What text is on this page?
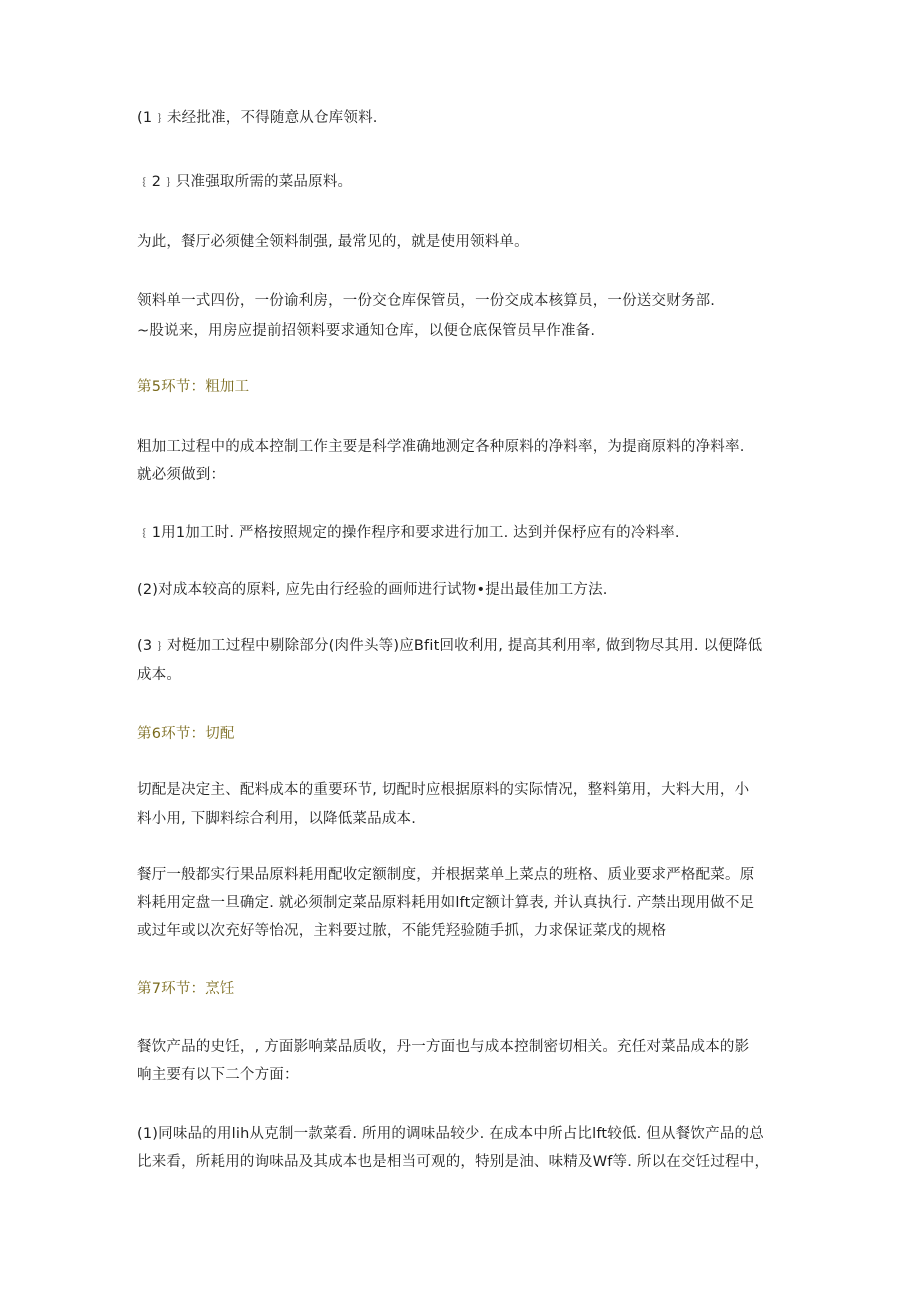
(1﹜未经批准，不得随意从仓库领料.
﹛2﹜只准强取所需的菜品原料。
为此，餐厅必须健全领料制强, 最常见的，就是使用领料单。
领料单一式四份，一份谕利房，一份交仓库保管员，一份交成本核算员，一份送交财务部.
~股说来，用房应提前招领料要求通知仓库，以便仓底保管员早作准备.
第5环节：粗加工
粗加工过程中的成本控制工作主要是科学准确地测定各种原料的净料率，为提商原料的净料率.
就必须做到：
﹛1用1加工时. 严格按照规定的操作程序和要求进行加工. 达到并保杼应有的冷料率.
(2)对成本较高的原料, 应先由行经验的画师进行试物•提出最佳加工方法.
(3﹜对梃加工过程中剔除部分(肉件头等)应Bfit回收利用, 提高其利用率, 做到物尽其用. 以便降低
成本。
第6环节：切配
切配是决定主、配料成本的重要环节, 切配时应根据原料的实际情况，整料第用，大料大用，小
料小用, 下脚料综合利用，以降低菜品成本.
餐厅一般都实行果品原料耗用配收定额制度，并根据菜单上菜点的班格、质业要求严格配菜。原
料耗用定盘一旦确定. 就必须制定菜品原料耗用如lft定额计算表, 并认真执行. 产禁出现用做不足
或过年或以次充好等怡况，主料要过脓，不能凭羟验随手抓，力求保证菜戊的规格
第7环节：烹饪
餐饮产品的史饪，, 方面影响菜品质收，丹一方面也与成本控制密切相关。充任对菜品成本的影
响主要有以下二个方面：
(1)同味品的用lih从克制一款菜看. 所用的调味品较少. 在成本中所占比lft较低. 但从餐饮产品的总
比来看，所耗用的询味品及其成本也是相当可观的，特别是油、味精及Wf等. 所以在交饪过程中，
